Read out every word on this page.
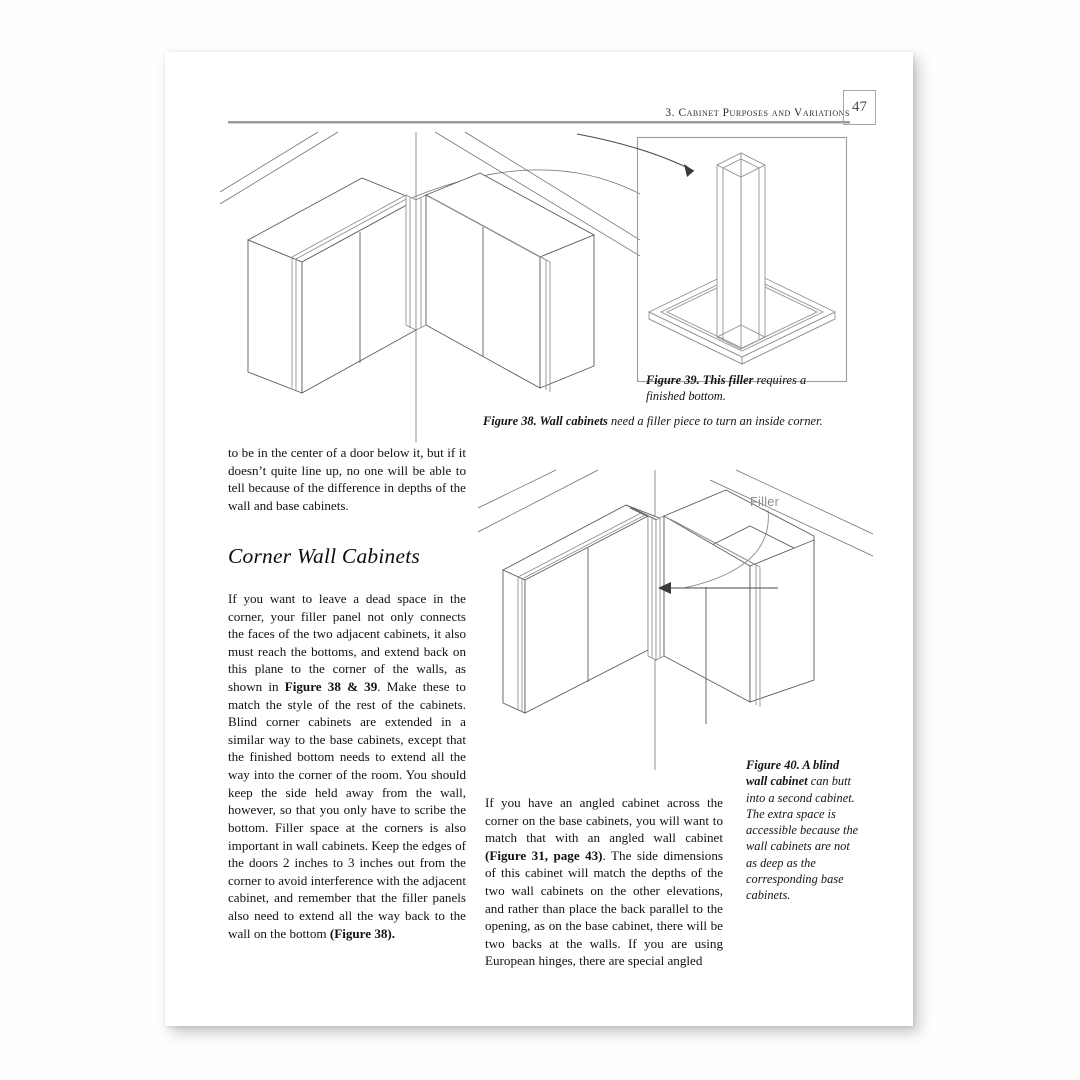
3. Cabinet Purposes and Variations 47
Figure 39. This filler requires a finished bottom.
Figure 38. Wall cabinets need a filler piece to turn an inside corner.

to be in the center of a door below it, but if it doesn’t quite line up, no one will be able to tell because of the difference in depths of the wall and base cabinets.

Corner Wall Cabinets

If you want to leave a dead space in the corner, your filler panel not only connects the faces of the two adjacent cabinets, it also must reach the bottoms, and extend back on this plane to the corner of the walls, as shown in Figure 38 & 39. Make these to match the style of the rest of the cabinets. Blind corner cabinets are extended in a similar way to the base cabinets, except that the finished bottom needs to extend all the way into the corner of the room. You should keep the side held away from the wall, however, so that you only have to scribe the bottom. Filler space at the corners is also important in wall cabinets. Keep the edges of the doors 2 inches to 3 inches out from the corner to avoid interference with the adjacent cabinet, and remember that the filler panels also need to extend all the way back to the wall on the bottom (Figure 38).

Filler
Figure 40. A blind wall cabinet can butt into a second cabinet. The extra space is accessible because the wall cabinets are not as deep as the corresponding base cabinets.

If you have an angled cabinet across the corner on the base cabinets, you will want to match that with an angled wall cabinet (Figure 31, page 43). The side dimensions of this cabinet will match the depths of the two wall cabinets on the other elevations, and rather than place the back parallel to the opening, as on the base cabinet, there will be two backs at the walls. If you are using European hinges, there are special angled
